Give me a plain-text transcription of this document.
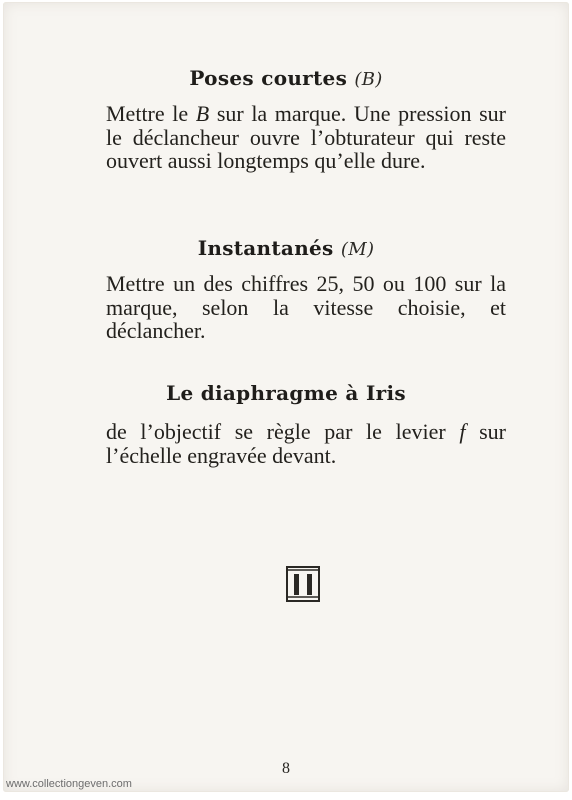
Poses courtes (B)
Mettre le B sur la marque. Une pression sur le déclancheur ouvre l’obturateur qui reste ouvert aussi longtemps qu’elle dure.
Instantanés (M)
Mettre un des chiffres 25, 50 ou 100 sur la marque, selon la vitesse choisie, et déclancher.
Le diaphragme à Iris
de l’objectif se règle par le levier f sur l’échelle engravée devant.
8
www.collectiongeven.com
